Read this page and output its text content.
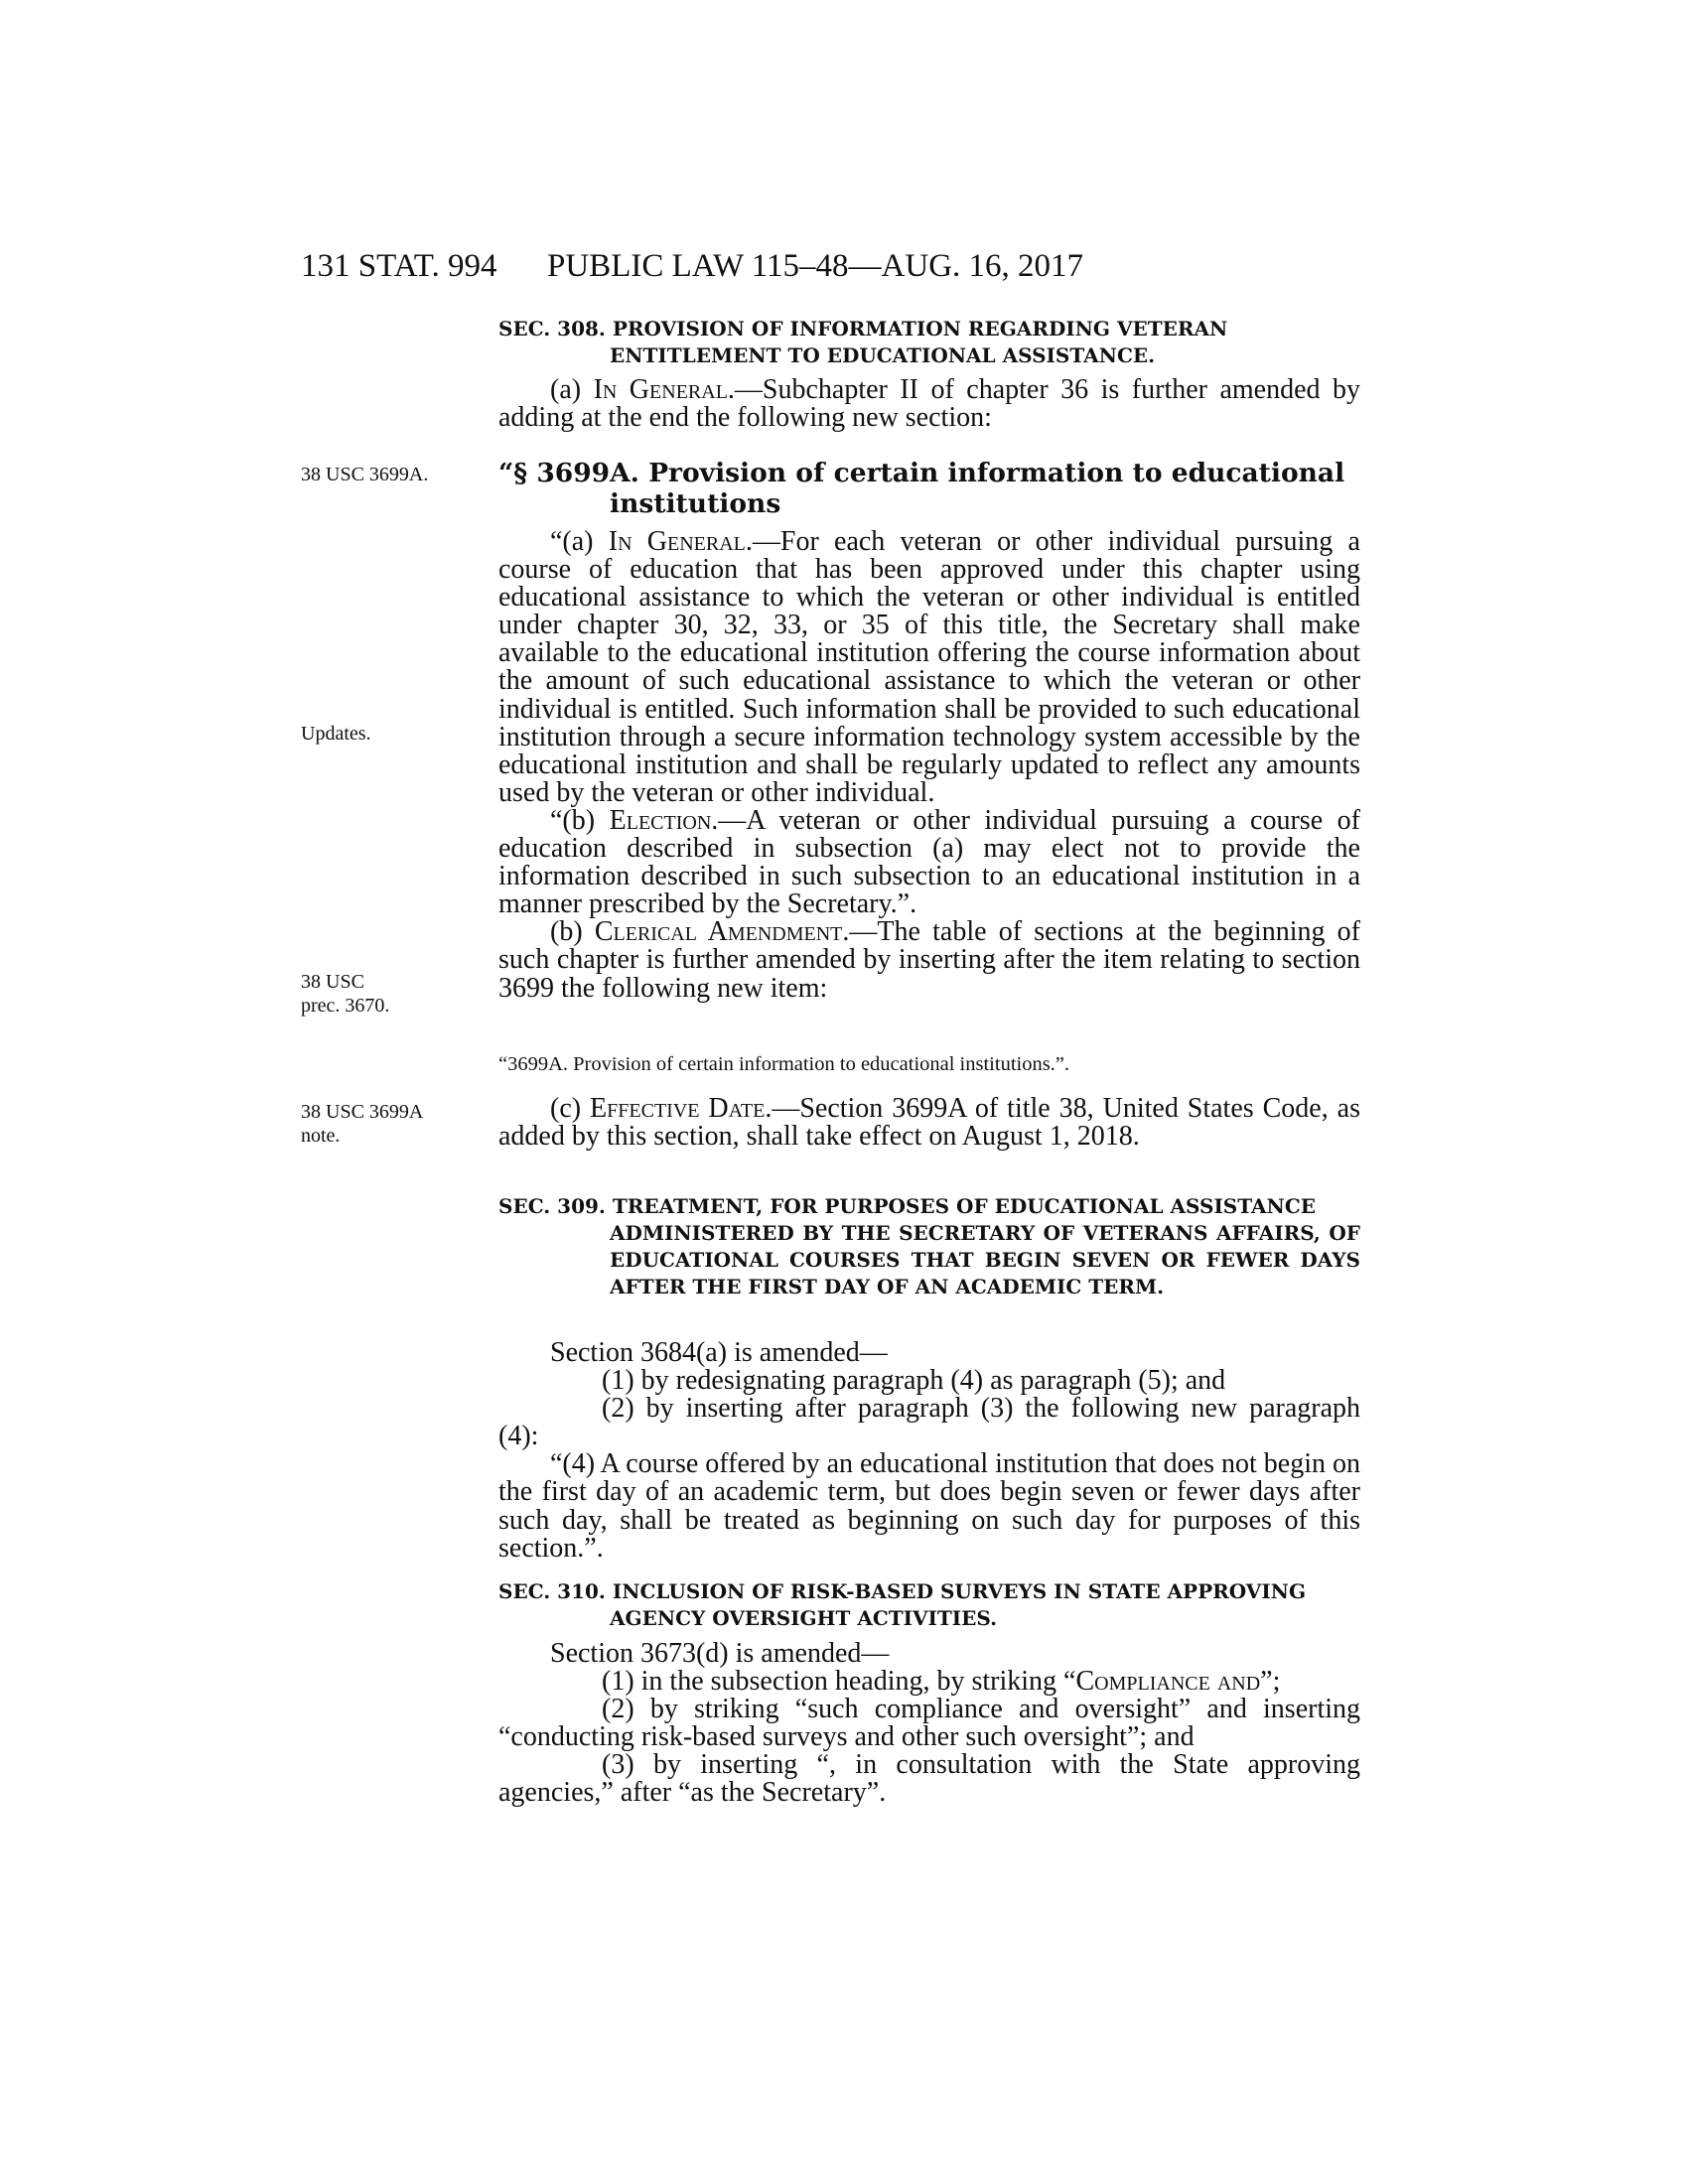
131 STAT. 994 PUBLIC LAW 115–48—AUG. 16, 2017
38 USC 3699A.
Updates.
38 USC
prec. 3670.
38 USC 3699A
note.
SEC. 308. PROVISION OF INFORMATION REGARDING VETERAN
ENTITLEMENT TO EDUCATIONAL ASSISTANCE.

(a) In General.—Subchapter II of chapter 36 is further amended by adding at the end the following new section:

“§ 3699A. Provision of certain information to educational
institutions

“(a) In General.—For each veteran or other individual pursuing a course of education that has been approved under this chapter using educational assistance to which the veteran or other individual is entitled under chapter 30, 32, 33, or 35 of this title, the Secretary shall make available to the educational institution offering the course information about the amount of such educational assistance to which the veteran or other individual is entitled. Such information shall be provided to such educational institution through a secure information technology system accessible by the educational institution and shall be regularly updated to reflect any amounts used by the veteran or other individual.

“(b) Election.—A veteran or other individual pursuing a course of education described in subsection (a) may elect not to provide the information described in such subsection to an educational institution in a manner prescribed by the Secretary.”.

(b) Clerical Amendment.—The table of sections at the beginning of such chapter is further amended by inserting after the item relating to section 3699 the following new item:

“3699A. Provision of certain information to educational institutions.”.

(c) Effective Date.—Section 3699A of title 38, United States Code, as added by this section, shall take effect on August 1, 2018.

SEC. 309. TREATMENT, FOR PURPOSES OF EDUCATIONAL ASSISTANCE
ADMINISTERED BY THE SECRETARY OF VETERANS AFFAIRS, OF EDUCATIONAL COURSES THAT BEGIN SEVEN OR FEWER DAYS AFTER THE FIRST DAY OF AN ACADEMIC TERM.

Section 3684(a) is amended—

(1) by redesignating paragraph (4) as paragraph (5); and

(2) by inserting after paragraph (3) the following new paragraph (4):

“(4) A course offered by an educational institution that does not begin on the first day of an academic term, but does begin seven or fewer days after such day, shall be treated as beginning on such day for purposes of this section.”.

SEC. 310. INCLUSION OF RISK-BASED SURVEYS IN STATE APPROVING
AGENCY OVERSIGHT ACTIVITIES.

Section 3673(d) is amended—

(1) in the subsection heading, by striking “Compliance and”;

(2) by striking “such compliance and oversight” and inserting “conducting risk-based surveys and other such oversight”; and

(3) by inserting “, in consultation with the State approving agencies,” after “as the Secretary”.
